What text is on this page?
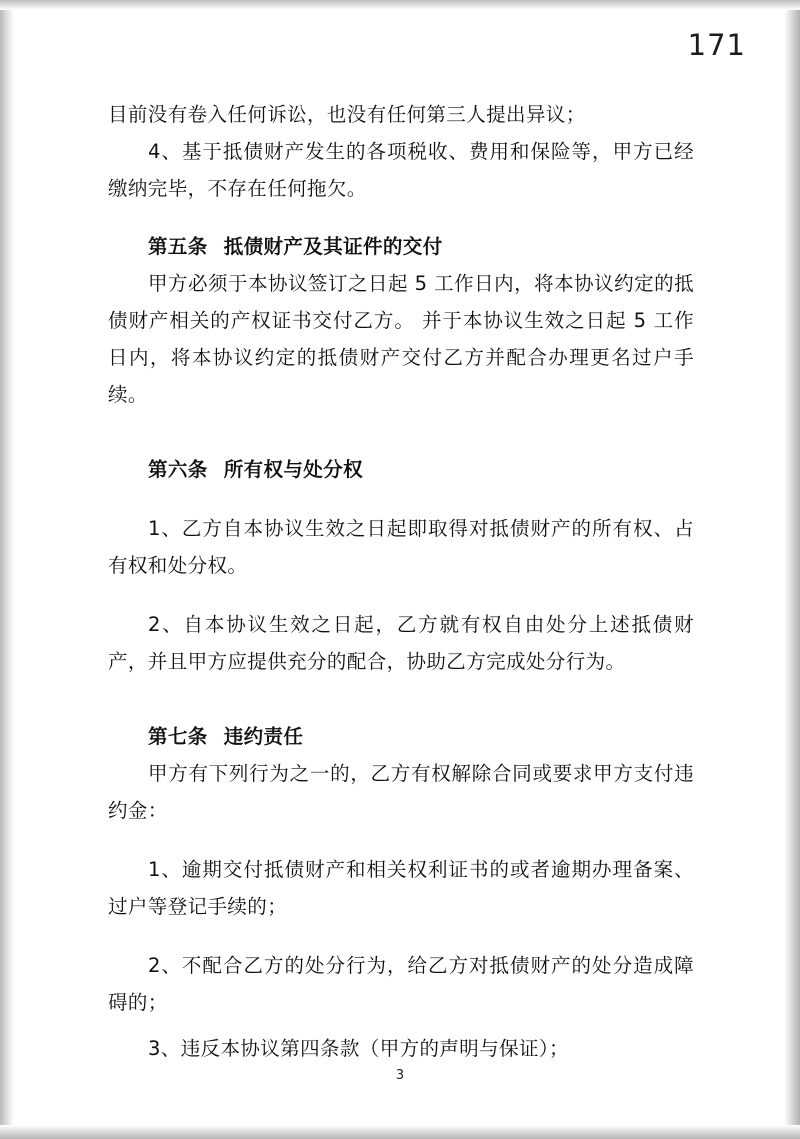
171

目前没有卷入任何诉讼，也没有任何第三人提出异议；

4、基于抵债财产发生的各项税收、费用和保险等，甲方已经缴纳完毕，不存在任何拖欠。

第五条 抵债财产及其证件的交付

甲方必须于本协议签订之日起 5 工作日内，将本协议约定的抵债财产相关的产权证书交付乙方。 并于本协议生效之日起 5 工作日内，将本协议约定的抵债财产交付乙方并配合办理更名过户手续。

第六条 所有权与处分权

1、乙方自本协议生效之日起即取得对抵债财产的所有权、占有权和处分权。

2、自本协议生效之日起，乙方就有权自由处分上述抵债财产，并且甲方应提供充分的配合，协助乙方完成处分行为。

第七条 违约责任

甲方有下列行为之一的，乙方有权解除合同或要求甲方支付违约金：

1、逾期交付抵债财产和相关权利证书的或者逾期办理备案、过户等登记手续的；

2、不配合乙方的处分行为，给乙方对抵债财产的处分造成障碍的；

3、违反本协议第四条款（甲方的声明与保证）；

3
